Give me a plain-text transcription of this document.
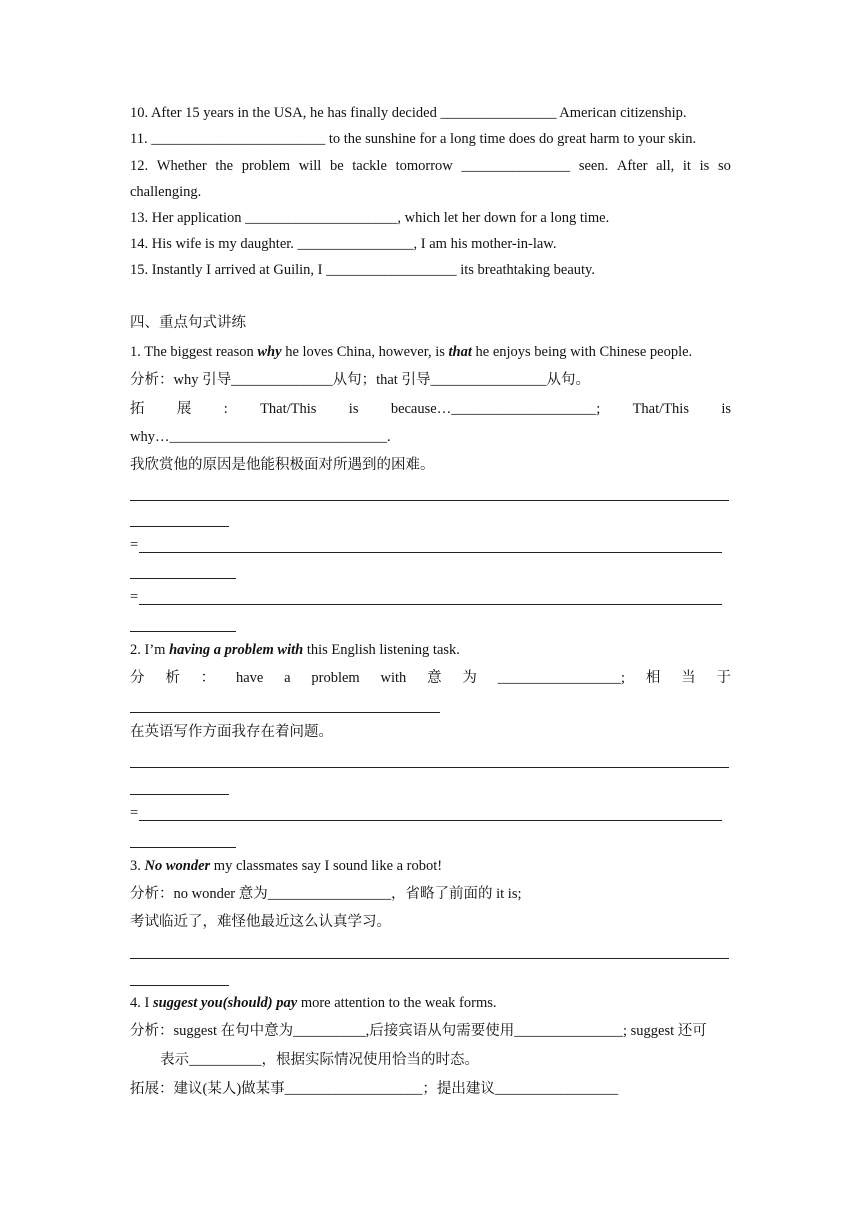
10. After 15 years in the USA, he has finally decided ________________ American citizenship.
11. ________________________ to the sunshine for a long time does do great harm to your skin.
12. Whether the problem will be tackle tomorrow _______________ seen. After all, it is so
challenging.
13. Her application _____________________, which let her down for a long time.
14. His wife is my daughter. ________________, I am his mother-in-law.
15. Instantly I arrived at Guilin, I __________________ its breathtaking beauty.
四、重点句式讲练
1. The biggest reason why he loves China, however, is that he enjoys being with Chinese people.
分析：why 引导______________从句；that 引导________________从句。
拓 展 : That/This is because…____________________; That/This is
why…______________________________.
我欣赏他的原因是他能积极面对所遇到的困难。
=
=
2. I’m having a problem with this English listening task.
分 析 ： have a problem with 意 为 _________________; 相 当 于
在英语写作方面我存在着问题。
=
3. No wonder my classmates say I sound like a robot!
分析：no wonder 意为_________________，省略了前面的 it is;
考试临近了，难怪他最近这么认真学习。
4. I suggest you(should) pay more attention to the weak forms.
分析：suggest 在句中意为__________,后接宾语从句需要使用_______________; suggest 还可
表示__________，根据实际情况使用恰当的时态。
拓展：建议(某人)做某事___________________；提出建议_________________
